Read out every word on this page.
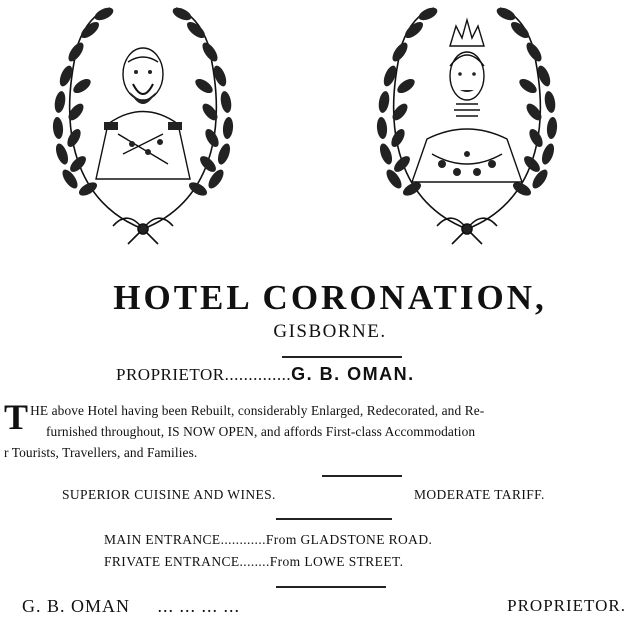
HOTEL CORONATION,
GISBORNE.
PROPRIETOR..............G. B. OMAN.
T HE above Hotel having been Rebuilt, considerably Enlarged, Redecorated, and Re-
furnished throughout, IS NOW OPEN, and affords First-class Accommodation
r Tourists, Travellers, and Families.
SUPERIOR CUISINE AND WINES.	MODERATE TARIFF.
MAIN ENTRANCE............From GLADSTONE ROAD.
FRIVATE ENTRANCE........From LOWE STREET.
G. B. OMAN ... ... ... ...	PROPRIETOR.
